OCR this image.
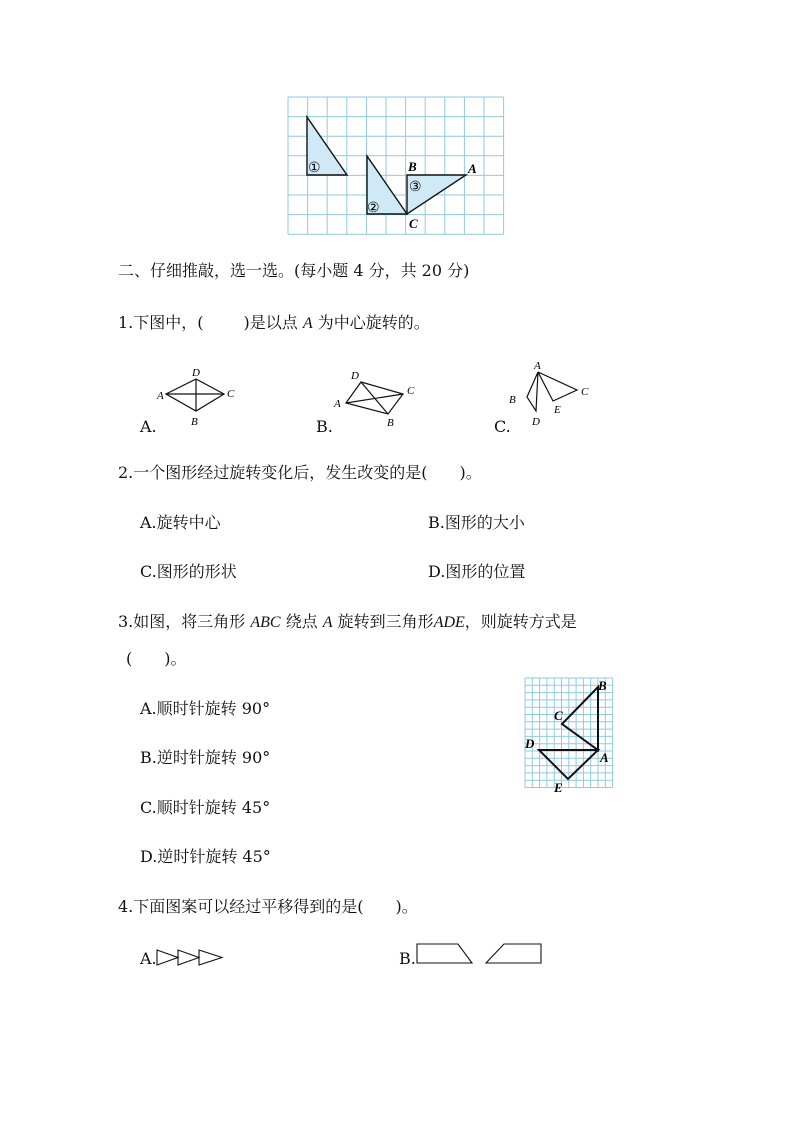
①
②
③
B	A
C
二、仔细推敲，选一选。(每小题 4 分，共 20 分)
1.下图中，(	)是以点 A 为中心旋转的。
A
D
C
B
A.
A
D
C
B
B.
A
B
D
E
C
C.
2.一个图形经过旋转变化后，发生改变的是(　　)。
A.旋转中心	B.图形的大小
C.图形的形状	D.图形的位置
3.如图，将三角形 ABC 绕点 A 旋转到三角形ADE，则旋转方式是
(　　)。
A.顺时针旋转 90°
B.逆时针旋转 90°
C.顺时针旋转 45°
D.逆时针旋转 45°
B
C
D
A
E
4.下面图案可以经过平移得到的是(　　)。
A.	B.
